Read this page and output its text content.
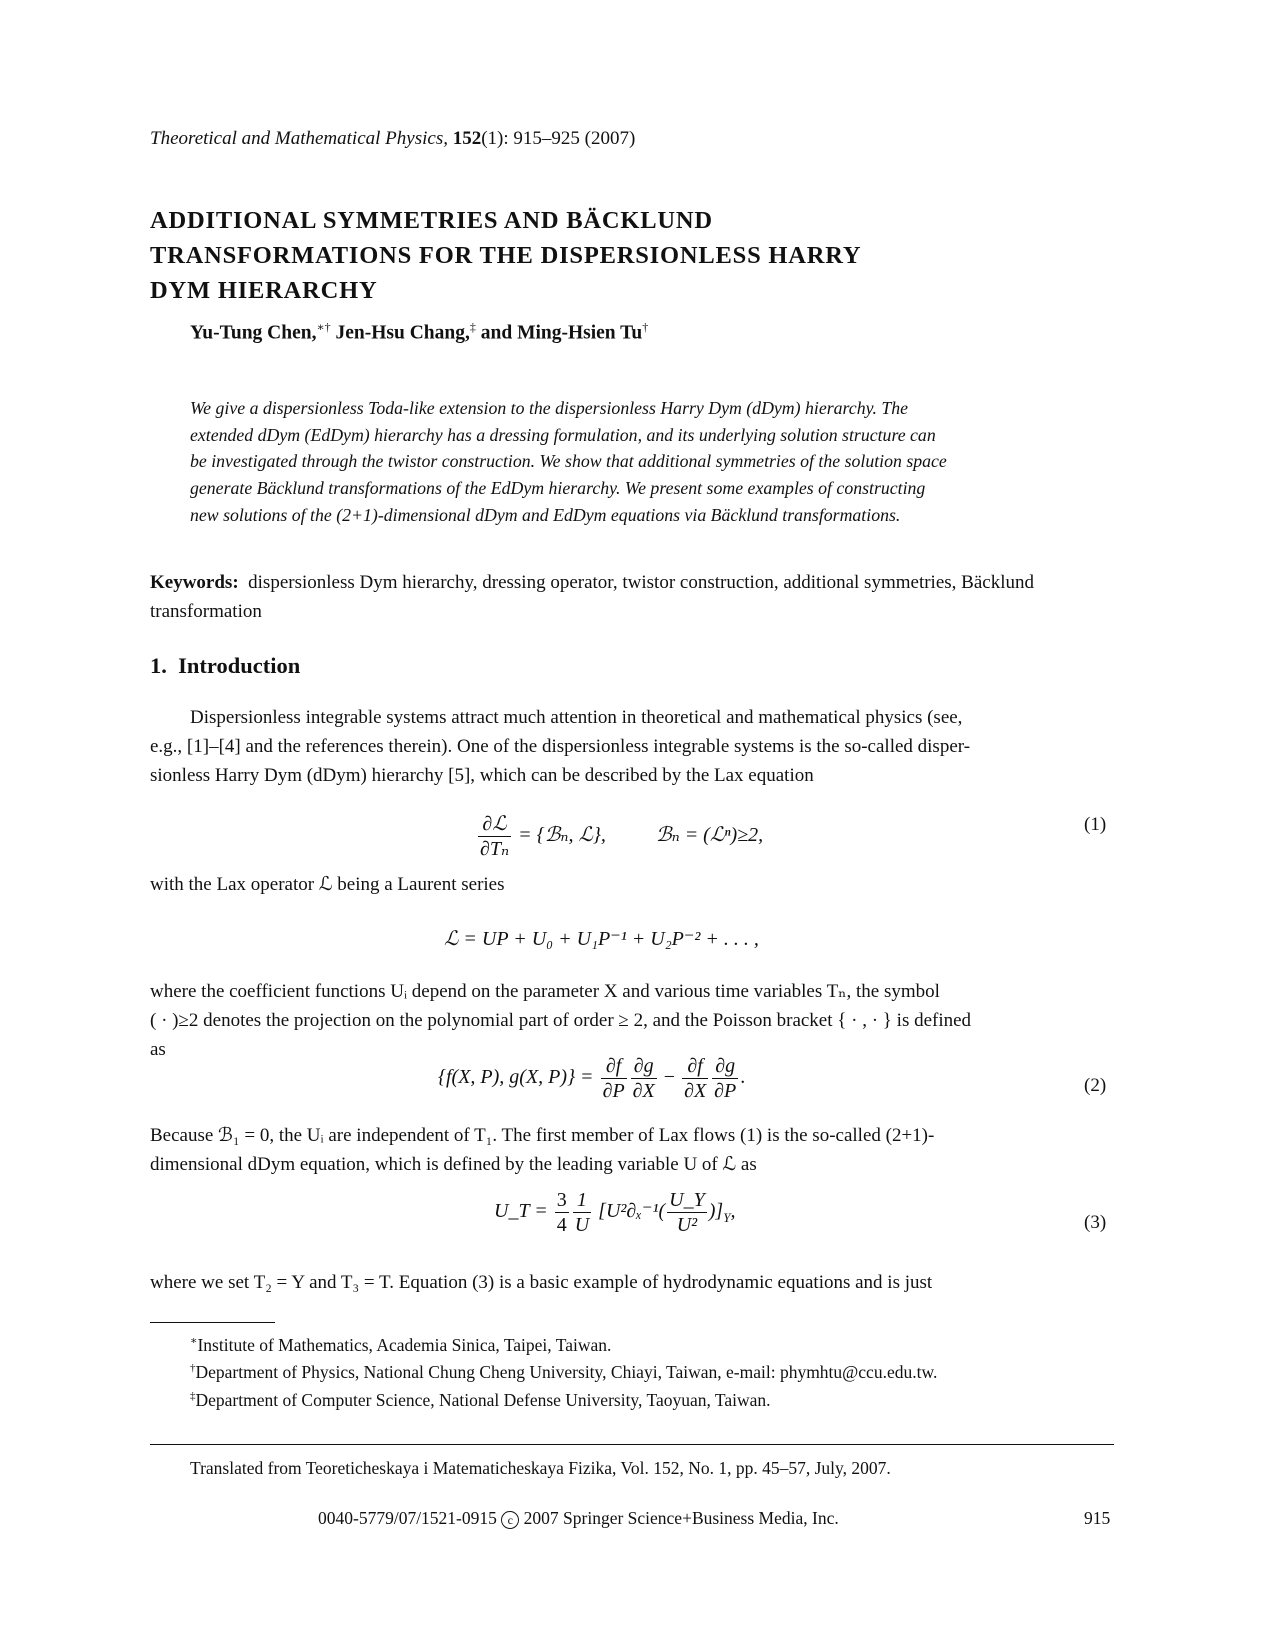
Theoretical and Mathematical Physics, 152(1): 915–925 (2007)
ADDITIONAL SYMMETRIES AND BÄCKLUND
TRANSFORMATIONS FOR THE DISPERSIONLESS HARRY
DYM HIERARCHY
Yu-Tung Chen,∗† Jen-Hsu Chang,‡ and Ming-Hsien Tu†
We give a dispersionless Toda-like extension to the dispersionless Harry Dym (dDym) hierarchy. The
extended dDym (EdDym) hierarchy has a dressing formulation, and its underlying solution structure can
be investigated through the twistor construction. We show that additional symmetries of the solution space
generate Bäcklund transformations of the EdDym hierarchy. We present some examples of constructing
new solutions of the (2+1)-dimensional dDym and EdDym equations via Bäcklund transformations.
Keywords: dispersionless Dym hierarchy, dressing operator, twistor construction, additional symmetries, Bäcklund transformation
1. Introduction
Dispersionless integrable systems attract much attention in theoretical and mathematical physics (see,
e.g., [1]–[4] and the references therein). One of the dispersionless integrable systems is the so-called disper-
sionless Harry Dym (dDym) hierarchy [5], which can be described by the Lax equation
$\frac{\text{∂ℒ}}{\text{∂Tₙ}}$ = {ℬₙ, ℒ},	ℬₙ = (ℒⁿ)≥2,	(1)
with the Lax operator ℒ being a Laurent series
ℒ = UP + U₀ + U₁P⁻¹ + U₂P⁻² + . . . ,
where the coefficient functions Uᵢ depend on the parameter X and various time variables Tₙ, the symbol
( · )≥2 denotes the projection on the polynomial part of order ≥ 2, and the Poisson bracket { · , · } is defined
as
{f(X, P), g(X, $P)\} = \frac{\partial f}{\partial P} \frac{\partial g}{\partial X} - \frac{\partial f}{\partial X} \frac{\partial g}{\partial P}$ .	(2)
Because ℬ₁ = 0, the Uᵢ are independent of T₁. The first member of Lax flows (1) is the so-called (2+1)-
dimensional dDym equation, which is defined by the leading variable U of ℒ as
U_T = $\frac{3}{4} \frac{1}{U} [U^2\partial_x^{-1}( \frac{U\_Y}{\text{U²}} )]_Y$,
(3)
where we set T₂ = Y and T₃ = T. Equation (3) is a basic example of hydrodynamic equations and is just
∗Institute of Mathematics, Academia Sinica, Taipei, Taiwan.
†Department of Physics, National Chung Cheng University, Chiayi, Taiwan, e-mail: phymhtu@ccu.edu.tw.
‡Department of Computer Science, National Defense University, Taoyuan, Taiwan.
Translated from Teoreticheskaya i Matematicheskaya Fizika, Vol. 152, No. 1, pp. 45–57, July, 2007.
0040-5779/07/1521-0915 c 2007 Springer Science+Business Media, Inc.	915
